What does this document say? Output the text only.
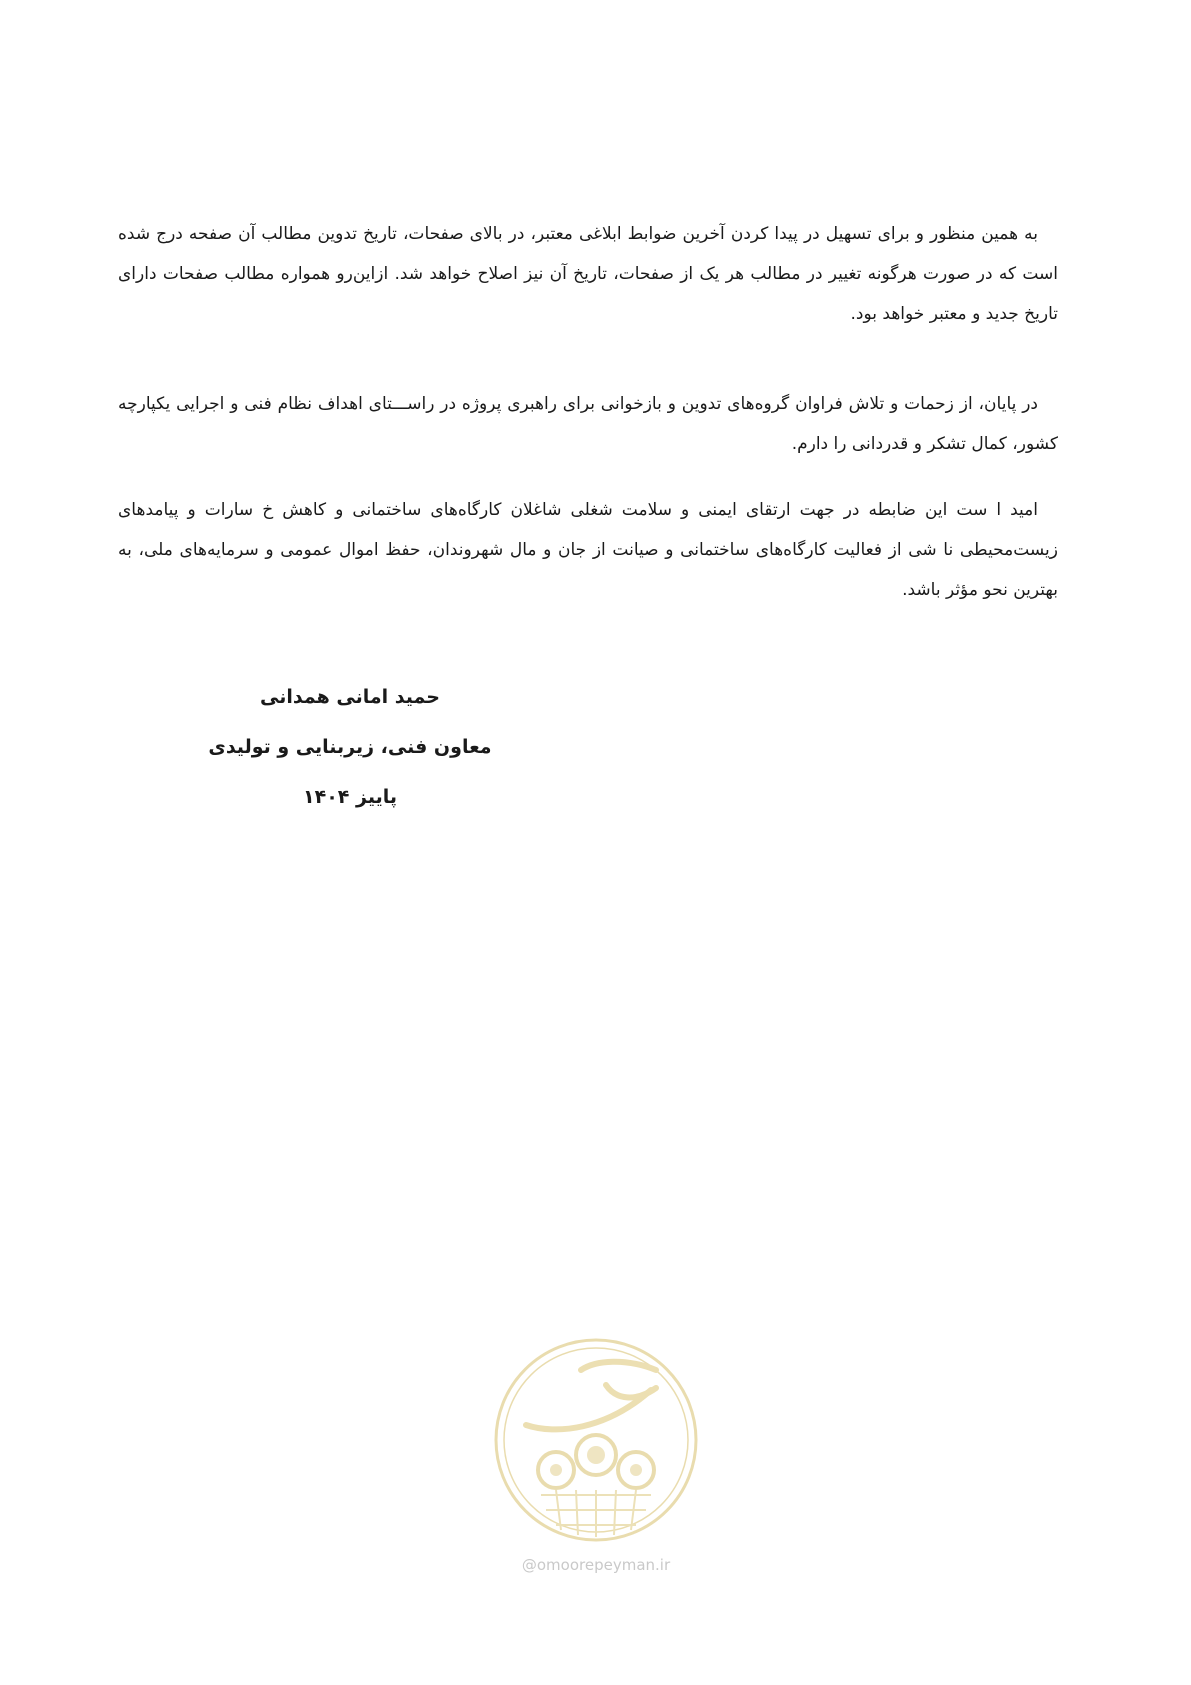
به همین منظور و برای تسهیل در پیدا کردن آخرین ضوابط ابلاغی معتبر، در بالای صفحات، تاریخ تدوین مطالب آن صفحه درج شده است که در صورت هرگونه تغییر در مطالب هر یک از صفحات، تاریخ آن نیز اصلاح خواهد شد. ازاین‌رو همواره مطالب صفحات دارای تاریخ جدید و معتبر خواهد بود.

در پایان، از زحمات و تلاش فراوان گروه‌های تدوین و بازخوانی برای راهبری پروژه در راســـتای اهداف نظام فنی و اجرایی یکپارچه کشور، کمال تشکر و قدردانی را دارم.

امید ا ست این ضابطه در جهت ارتقای ایمنی و سلامت شغلی شاغلان کارگاه‌های ساختمانی و کاهش خ سارات و پیامدهای زیست‌محیطی نا شی از فعالیت کارگاه‌های ساختمانی و صیانت از جان و مال شهروندان، حفظ اموال عمومی و سرمایه‌های ملی، به بهترین نحو مؤثر باشد.

حمید امانی همدانی
معاون فنی، زیربنایی و تولیدی
پاییز ۱۴۰۴
@omoorepeyman.ir
